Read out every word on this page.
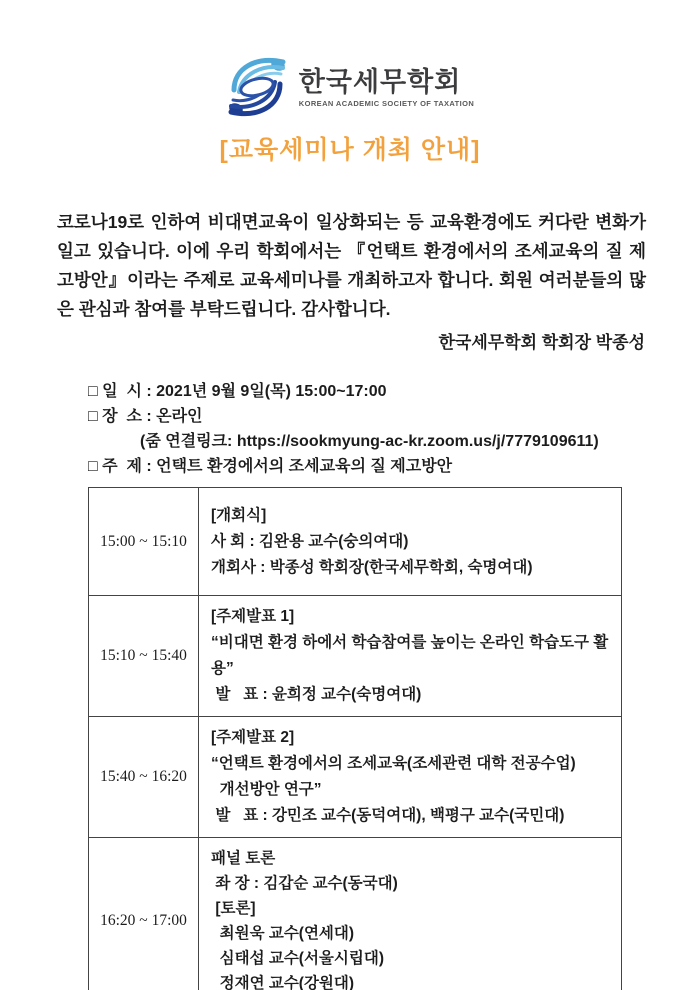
한국세무학회
KOREAN ACADEMIC SOCIETY OF TAXATION
[교육세미나 개최 안내]

코로나19로 인하여 비대면교육이 일상화되는 등 교육환경에도 커다란 변화가 일고 있습니다. 이에 우리 학회에서는 『언택트 환경에서의 조세교육의 질 제고방안』이라는 주제로 교육세미나를 개최하고자 합니다. 회원 여러분들의 많은 관심과 참여를 부탁드립니다. 감사합니다.

한국세무학회 학회장 박종성
□ 일  시 : 2021년 9월 9일(목) 15:00~17:00
□ 장  소 : 온라인
(줌 연결링크: https://sookmyung-ac-kr.zoom.us/j/7779109611)
□ 주  제 : 언택트 환경에서의 조세교육의 질 제고방안
15:00 ~ 15:10	[개회식]
사 회 : 김완용 교수(숭의여대)
개회사 : 박종성 학회장(한국세무학회, 숙명여대)

15:10 ~ 15:40	[주제발표 1]
“비대면 환경 하에서 학습참여를 높이는 온라인 학습도구 활용”
발   표 : 윤희정 교수(숙명여대)

15:40 ~ 16:20	[주제발표 2]
“언택트 환경에서의 조세교육(조세관련 대학 전공수업)
개선방안 연구”
발   표 : 강민조 교수(동덕여대), 백평구 교수(국민대)

16:20 ~ 17:00	
패널 토론
좌 장 : 김갑순 교수(동국대)
[토론]
최원욱 교수(연세대)
심태섭 교수(서울시립대)
정재연 교수(강원대)
